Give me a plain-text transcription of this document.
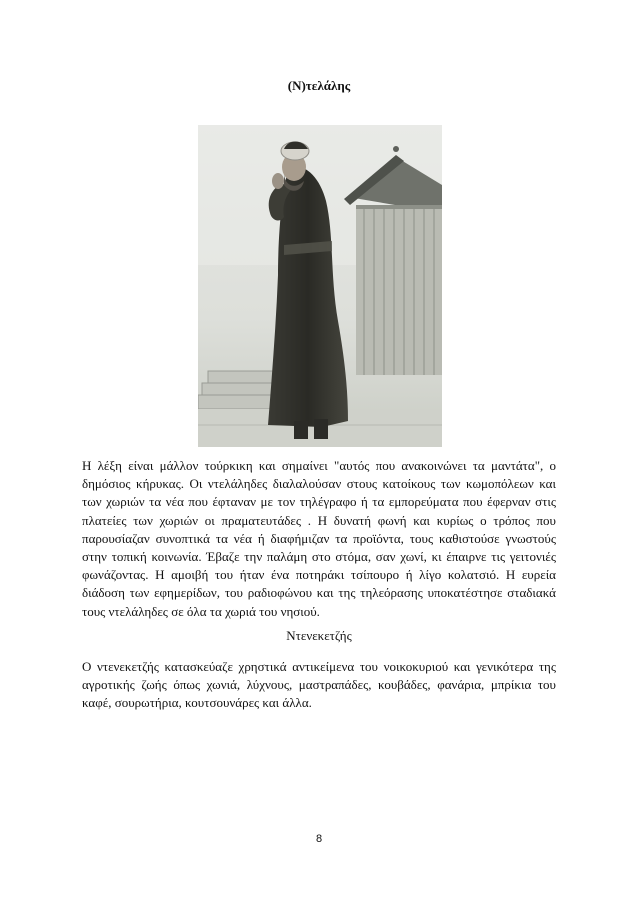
(Ν)τελάλης

Η λέξη είναι μάλλον τούρκικη και σημαίνει "αυτός που ανακοινώνει τα μαντάτα", ο δημόσιος κήρυκας. Οι ντελάληδες διαλαλούσαν στους κατοίκους των κωμοπόλεων και των χωριών τα νέα που έφταναν με τον τηλέγραφο ή τα εμπορεύματα που έφερναν στις πλατείες των χωριών οι πραματευτάδες . Η δυνατή φωνή και κυρίως ο τρόπος που παρουσίαζαν συνοπτικά τα νέα ή διαφήμιζαν τα προϊόντα, τους καθιστούσε γνωστούς στην τοπική κοινωνία. Έβαζε την παλάμη στο στόμα, σαν χωνί, κι έπαιρνε τις γειτονιές φωνάζοντας. Η αμοιβή του ήταν ένα ποτηράκι τσίπουρο ή λίγο κολατσιό. Η ευρεία διάδοση των εφημερίδων, του ραδιοφώνου και της τηλεόρασης υποκατέστησε σταδιακά τους ντελάληδες σε όλα τα χωριά του νησιού.

Ντενεκετζής

Ο ντενεκετζής κατασκεύαζε χρηστικά αντικείμενα του νοικοκυριού και γενικότερα της αγροτικής ζωής όπως χωνιά, λύχνους, μαστραπάδες, κουβάδες, φανάρια, μπρίκια του καφέ, σουρωτήρια, κουτσουνάρες και άλλα.

8
